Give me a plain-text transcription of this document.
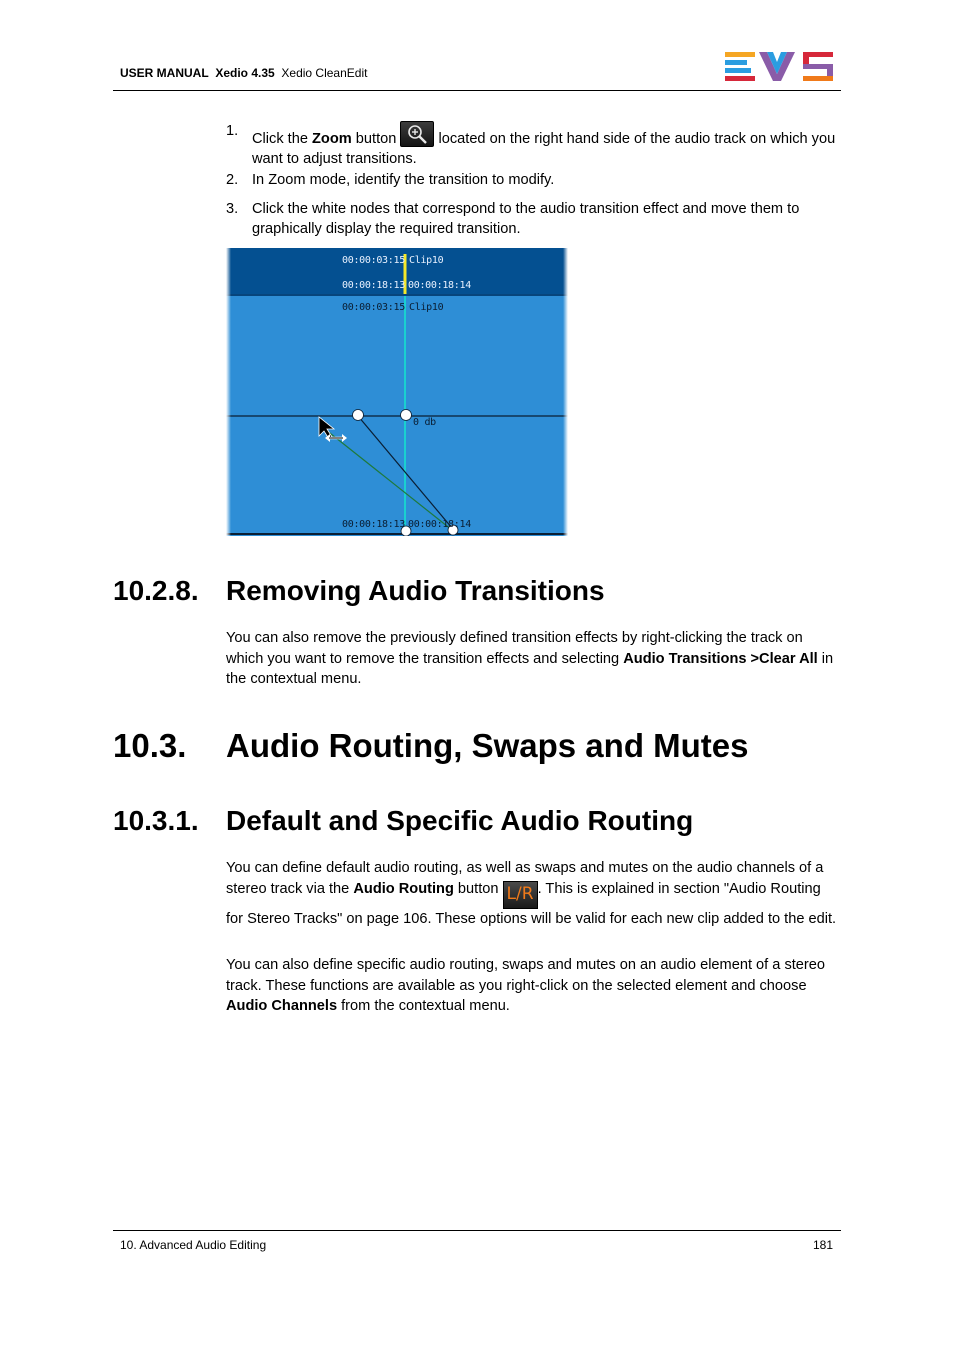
USER MANUAL Xedio 4.35 Xedio CleanEdit
1. Click the Zoom button
located on the right hand side of the audio track on which you want to adjust transitions.
2. In Zoom mode, identify the transition to modify.
3. Click the white nodes that correspond to the audio transition effect and move them to graphically display the required transition.
00:00:03:15 Clip10
00:00:18:13 00:00:18:14
00:00:03:15 Clip10
0 db
00:00:18:13 00:00:18:14
10.2.8. Removing Audio Transitions
You can also remove the previously defined transition effects by right-clicking the track on which you want to remove the transition effects and selecting Audio Transitions >Clear All in the contextual menu.
10.3. Audio Routing, Swaps and Mutes
10.3.1. Default and Specific Audio Routing
You can define default audio routing, as well as swaps and mutes on the audio channels of a stereo track via the Audio Routing button L/R . This is explained in section "Audio Routing for Stereo Tracks" on page 106. These options will be valid for each new clip added to the edit.
You can also define specific audio routing, swaps and mutes on an audio element of a stereo track. These functions are available as you right-click on the selected element and choose Audio Channels from the contextual menu.
10. Advanced Audio Editing	181
